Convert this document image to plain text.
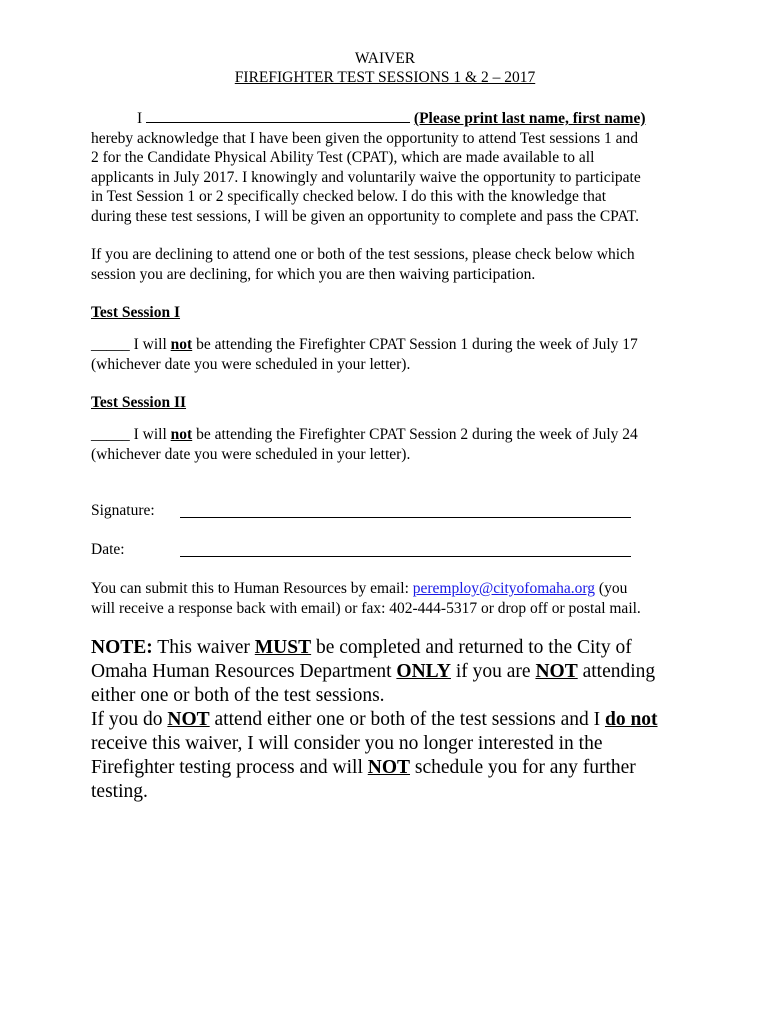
WAIVER
FIREFIGHTER TEST SESSIONS 1 & 2 – 2017
I	(Please print last name, first name)
hereby acknowledge that I have been given the opportunity to attend Test sessions 1 and
2 for the Candidate Physical Ability Test (CPAT), which are made available to all
applicants in July 2017. I knowingly and voluntarily waive the opportunity to participate
in Test Session 1 or 2 specifically checked below. I do this with the knowledge that
during these test sessions, I will be given an opportunity to complete and pass the CPAT.
If you are declining to attend one or both of the test sessions, please check below which
session you are declining, for which you are then waiving participation.
Test Session I
_____ I will not be attending the Firefighter CPAT Session 1 during the week of July 17
(whichever date you were scheduled in your letter).
Test Session II
_____ I will not be attending the Firefighter CPAT Session 2 during the week of July 24
(whichever date you were scheduled in your letter).
Signature:
Date:
You can submit this to Human Resources by email: peremploy@cityofomaha.org (you
will receive a response back with email) or fax: 402-444-5317 or drop off or postal mail.
NOTE: This waiver MUST be completed and returned to the City of
Omaha Human Resources Department ONLY if you are NOT attending
either one or both of the test sessions.
If you do NOT attend either one or both of the test sessions and I do not
receive this waiver, I will consider you no longer interested in the
Firefighter testing process and will NOT schedule you for any further
testing.
